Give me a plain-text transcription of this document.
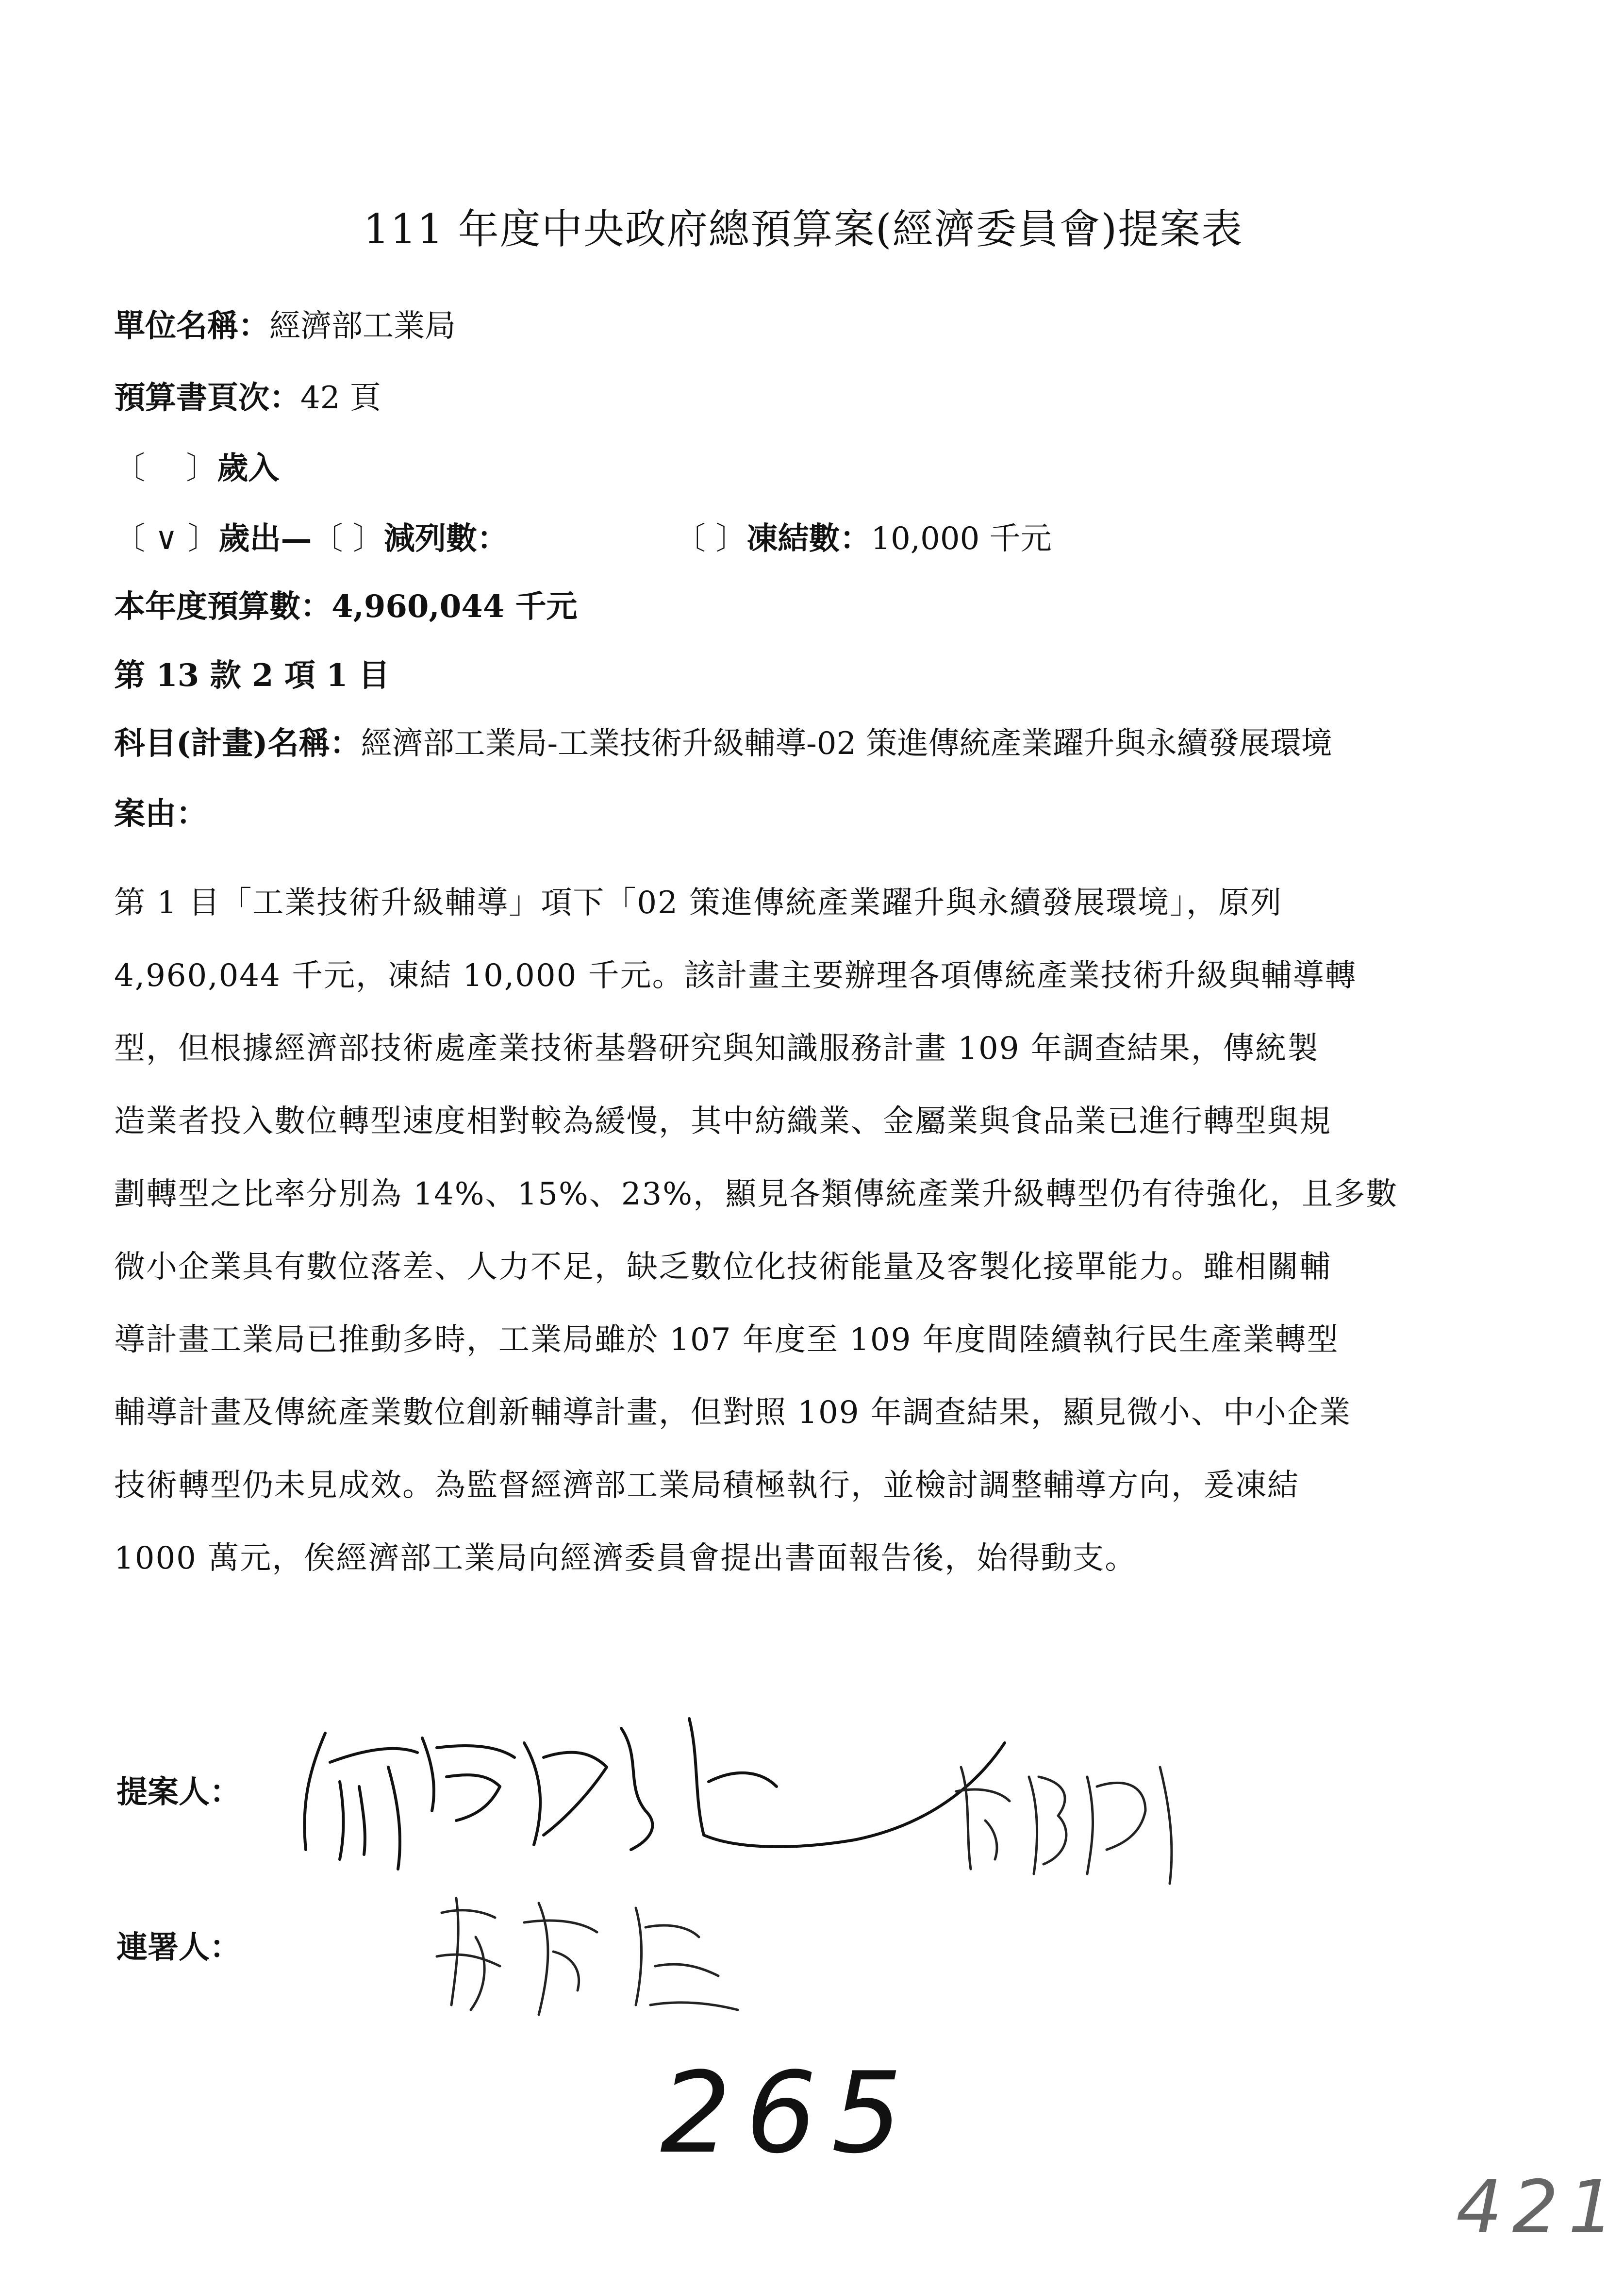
111 年度中央政府總預算案(經濟委員會)提案表
單位名稱：經濟部工業局
預算書頁次：42 頁
〔　 〕歲入
〔 ∨ 〕歲出—〔 〕減列數：	〔 〕凍結數：10,000 千元
本年度預算數：4,960,044 千元
第 13 款 2 項 1 目
科目(計畫)名稱：經濟部工業局-工業技術升級輔導-02 策進傳統產業躍升與永續發展環境
案由：
第 1 目「工業技術升級輔導」項下「02 策進傳統產業躍升與永續發展環境」，原列
4,960,044 千元，凍結 10,000 千元。該計畫主要辦理各項傳統產業技術升級與輔導轉
型，但根據經濟部技術處產業技術基磐研究與知識服務計畫 109 年調查結果，傳統製
造業者投入數位轉型速度相對較為緩慢，其中紡織業、金屬業與食品業已進行轉型與規
劃轉型之比率分別為 14%、15%、23%，顯見各類傳統產業升級轉型仍有待強化，且多數
微小企業具有數位落差、人力不足，缺乏數位化技術能量及客製化接單能力。雖相關輔
導計畫工業局已推動多時，工業局雖於 107 年度至 109 年度間陸續執行民生產業轉型
輔導計畫及傳統產業數位創新輔導計畫，但對照 109 年調查結果，顯見微小、中小企業
技術轉型仍未見成效。為監督經濟部工業局積極執行，並檢討調整輔導方向，爰凍結
1000 萬元，俟經濟部工業局向經濟委員會提出書面報告後，始得動支。
提案人：
連署人：
265
421
